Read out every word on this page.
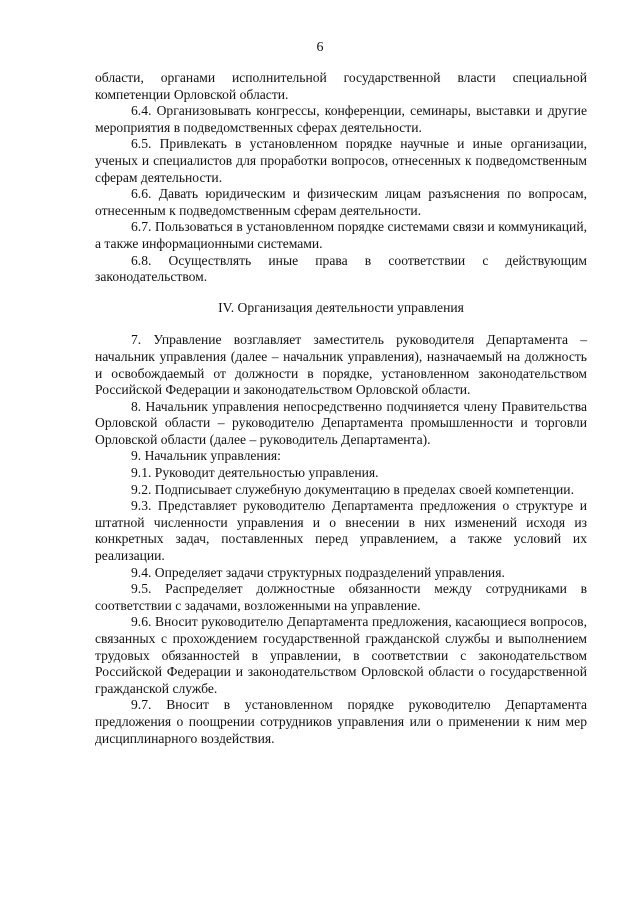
6

области, органами исполнительной государственной власти специальной компетенции Орловской области.

6.4. Организовывать конгрессы, конференции, семинары, выставки и другие мероприятия в подведомственных сферах деятельности.

6.5. Привлекать в установленном порядке научные и иные организации, ученых и специалистов для проработки вопросов, отнесенных к подведомственным сферам деятельности.

6.6. Давать юридическим и физическим лицам разъяснения по вопросам, отнесенным к подведомственным сферам деятельности.

6.7. Пользоваться в установленном порядке системами связи и коммуникаций, а также информационными системами.

6.8. Осуществлять иные права в соответствии с действующим законодательством.

IV. Организация деятельности управления

7. Управление возглавляет заместитель руководителя Департамента – начальник управления (далее – начальник управления), назначаемый на должность и освобождаемый от должности в порядке, установленном законодательством Российской Федерации и законодательством Орловской области.

8. Начальник управления непосредственно подчиняется члену Правительства Орловской области – руководителю Департамента промышленности и торговли Орловской области (далее – руководитель Департамента).

9. Начальник управления:

9.1. Руководит деятельностью управления.

9.2. Подписывает служебную документацию в пределах своей компетенции.

9.3. Представляет руководителю Департамента предложения о структуре и штатной численности управления и о внесении в них изменений исходя из конкретных задач, поставленных перед управлением, а также условий их реализации.

9.4. Определяет задачи структурных подразделений управления.

9.5. Распределяет должностные обязанности между сотрудниками в соответствии с задачами, возложенными на управление.

9.6. Вносит руководителю Департамента предложения, касающиеся вопросов, связанных с прохождением государственной гражданской службы и выполнением трудовых обязанностей в управлении, в соответствии с законодательством Российской Федерации и законодательством Орловской области о государственной гражданской службе.

9.7. Вносит в установленном порядке руководителю Департамента предложения о поощрении сотрудников управления или о применении к ним мер дисциплинарного воздействия.
